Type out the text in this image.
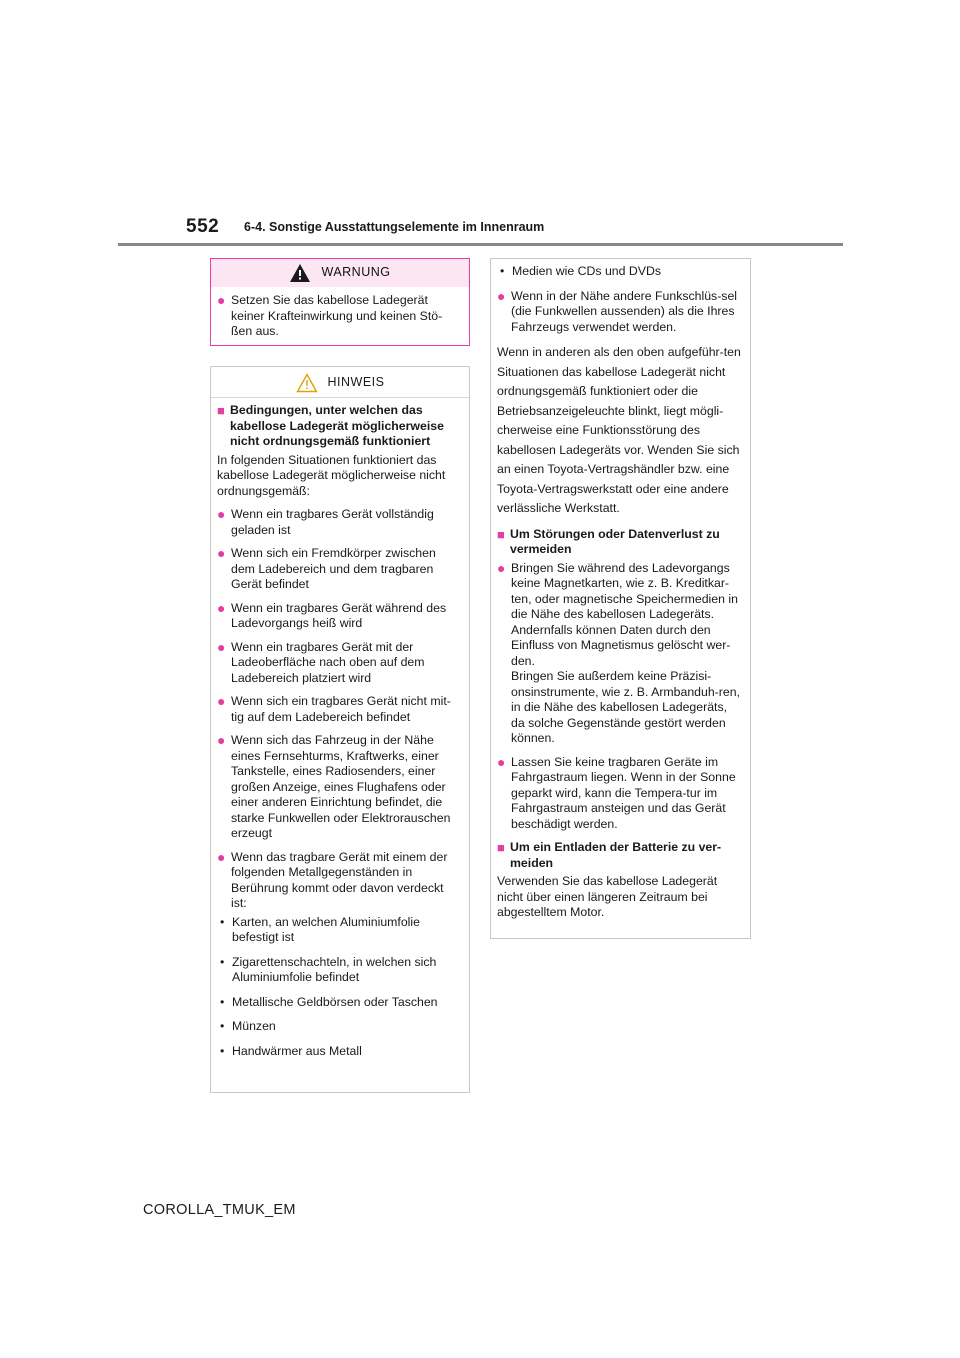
552 6-4. Sonstige Ausstattungselemente im Innenraum
WARNUNG
● Setzen Sie das kabellose Ladegerät keiner Krafteinwirkung und keinen Stö-ßen aus.
HINWEIS
■ Bedingungen, unter welchen das kabellose Ladegerät möglicherweise nicht ordnungsgemäß funktioniert
In folgenden Situationen funktioniert das kabellose Ladegerät möglicherweise nicht ordnungsgemäß:
● Wenn ein tragbares Gerät vollständig geladen ist
● Wenn sich ein Fremdkörper zwischen dem Ladebereich und dem tragbaren Gerät befindet
● Wenn ein tragbares Gerät während des Ladevorgangs heiß wird
● Wenn ein tragbares Gerät mit der Ladeoberfläche nach oben auf dem Ladebereich platziert wird
● Wenn sich ein tragbares Gerät nicht mit-tig auf dem Ladebereich befindet
● Wenn sich das Fahrzeug in der Nähe eines Fernsehturms, Kraftwerks, einer Tankstelle, eines Radiosenders, einer großen Anzeige, eines Flughafens oder einer anderen Einrichtung befindet, die starke Funkwellen oder Elektrorauschen erzeugt
● Wenn das tragbare Gerät mit einem der folgenden Metallgegenständen in Berührung kommt oder davon verdeckt ist:
• Karten, an welchen Aluminiumfolie befestigt ist
• Zigarettenschachteln, in welchen sich Aluminiumfolie befindet
• Metallische Geldbörsen oder Taschen
• Münzen
• Handwärmer aus Metall
• Medien wie CDs und DVDs
● Wenn in der Nähe andere Funkschlüs-sel (die Funkwellen aussenden) als die Ihres Fahrzeugs verwendet werden.
Wenn in anderen als den oben aufgeführ-ten Situationen das kabellose Ladegerät nicht ordnungsgemäß funktioniert oder die Betriebsanzeigeleuchte blinkt, liegt mögli-cherweise eine Funktionsstörung des kabellosen Ladegeräts vor. Wenden Sie sich an einen Toyota-Vertragshändler bzw. eine Toyota-Vertragswerkstatt oder eine andere verlässliche Werkstatt.
■ Um Störungen oder Datenverlust zu vermeiden
● Bringen Sie während des Ladevorgangs keine Magnetkarten, wie z. B. Kreditkar-ten, oder magnetische Speichermedien in die Nähe des kabellosen Ladegeräts. Andernfalls können Daten durch den Einfluss von Magnetismus gelöscht wer-den.
Bringen Sie außerdem keine Präzisi-onsinstrumente, wie z. B. Armbanduh-ren, in die Nähe des kabellosen Ladegeräts, da solche Gegenstände gestört werden können.
● Lassen Sie keine tragbaren Geräte im Fahrgastraum liegen. Wenn in der Sonne geparkt wird, kann die Tempera-tur im Fahrgastraum ansteigen und das Gerät beschädigt werden.
■ Um ein Entladen der Batterie zu ver-meiden
Verwenden Sie das kabellose Ladegerät nicht über einen längeren Zeitraum bei abgestelltem Motor.
COROLLA_TMUK_EM
